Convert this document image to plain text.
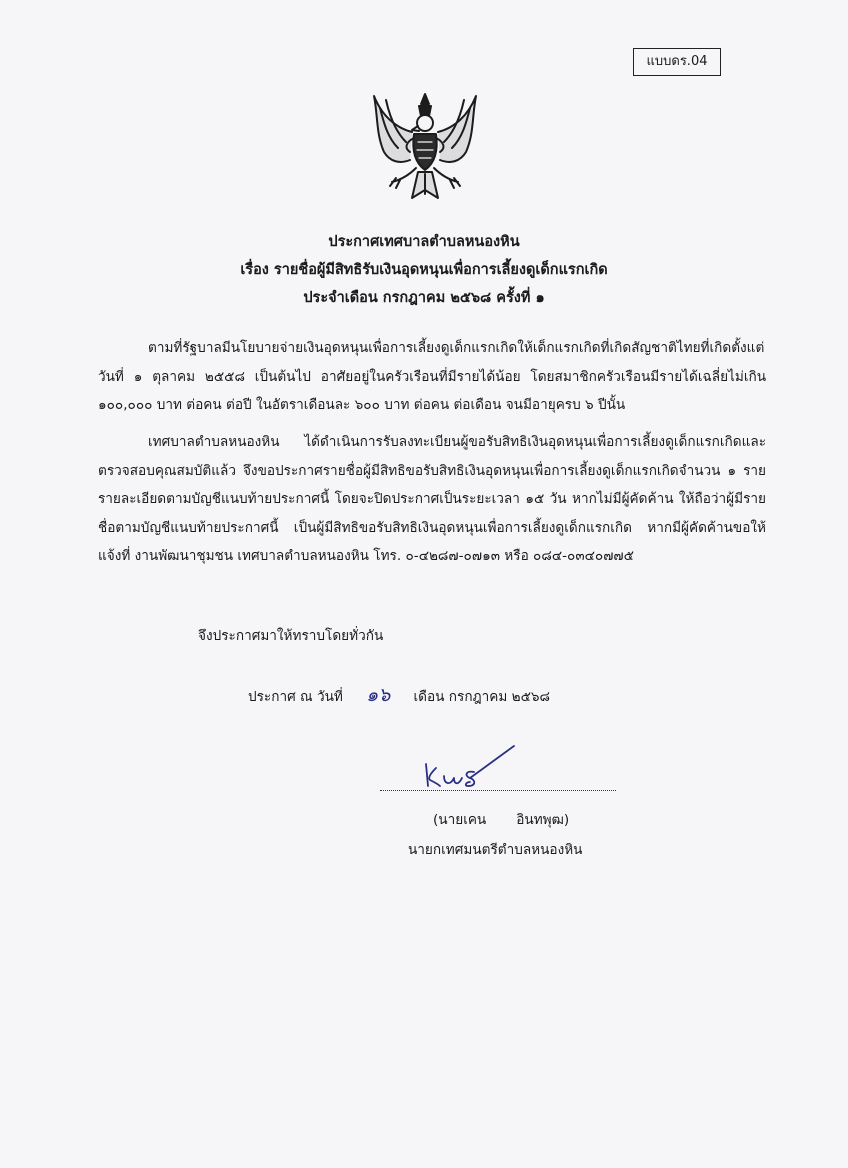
แบบดร.04
ประกาศเทศบาลตำบลหนองหิน
เรื่อง รายชื่อผู้มีสิทธิรับเงินอุดหนุนเพื่อการเลี้ยงดูเด็กแรกเกิด
ประจำเดือน กรกฎาคม ๒๕๖๘ ครั้งที่ ๑
ตามที่รัฐบาลมีนโยบายจ่ายเงินอุดหนุนเพื่อการเลี้ยงดูเด็กแรกเกิดให้เด็กแรกเกิดที่เกิดสัญชาติไทยที่เกิดตั้งแต่วันที่ ๑ ตุลาคม ๒๕๕๘ เป็นต้นไป อาศัยอยู่ในครัวเรือนที่มีรายได้น้อย โดยสมาชิกครัวเรือนมีรายได้เฉลี่ยไม่เกิน ๑๐๐,๐๐๐ บาท ต่อคน ต่อปี ในอัตราเดือนละ ๖๐๐ บาท ต่อคน ต่อเดือน จนมีอายุครบ ๖ ปีนั้น
เทศบาลตำบลหนองหิน ได้ดำเนินการรับลงทะเบียนผู้ขอรับสิทธิเงินอุดหนุนเพื่อการเลี้ยงดูเด็กแรกเกิดและตรวจสอบคุณสมบัติแล้ว จึงขอประกาศรายชื่อผู้มีสิทธิขอรับสิทธิเงินอุดหนุนเพื่อการเลี้ยงดูเด็กแรกเกิดจำนวน ๑ ราย รายละเอียดตามบัญชีแนบท้ายประกาศนี้ โดยจะปิดประกาศเป็นระยะเวลา ๑๕ วัน หากไม่มีผู้คัดค้าน ให้ถือว่าผู้มีรายชื่อตามบัญชีแนบท้ายประกาศนี้ เป็นผู้มีสิทธิขอรับสิทธิเงินอุดหนุนเพื่อการเลี้ยงดูเด็กแรกเกิด หากมีผู้คัดค้านขอให้แจ้งที่ งานพัฒนาชุมชน เทศบาลตำบลหนองหิน โทร. ๐-๔๒๘๗-๐๗๑๓ หรือ ๐๘๔-๐๓๔๐๗๗๕
จึงประกาศมาให้ทราบโดยทั่วกัน
ประกาศ ณ วันที่ ๑๖ เดือน กรกฎาคม ๒๕๖๘
(นายเคน อินทพุฒ)
นายกเทศมนตรีตำบลหนองหิน
